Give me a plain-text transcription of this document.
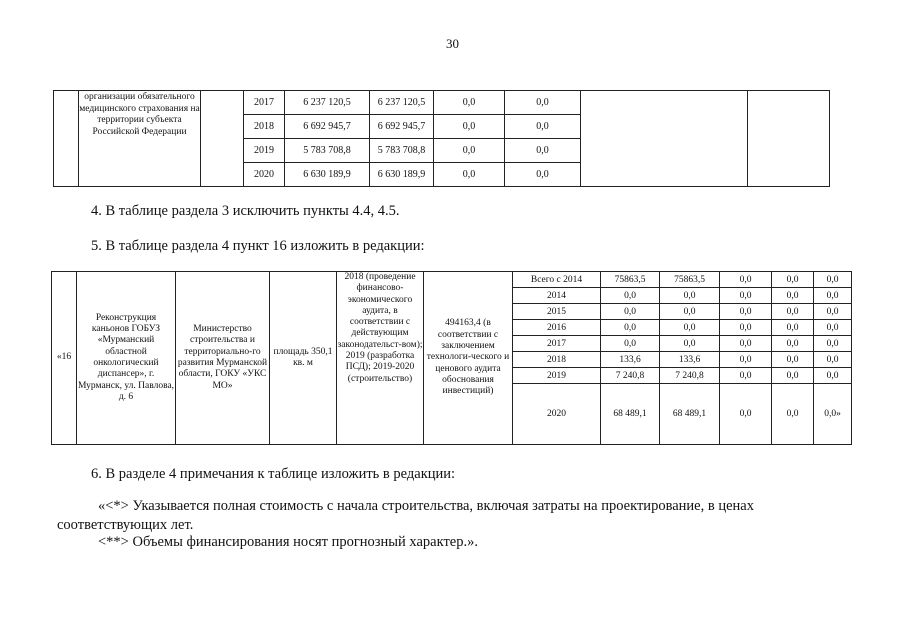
30
	организации обязательного медицинского страхования на территории субъекта Российской Федерации		2017	6 237 120,5	6 237 120,5	0,0	0,0		
			2018	6 692 945,7	6 692 945,7	0,0	0,0		
			2019	5 783 708,8	5 783 708,8	0,0	0,0		
			2020	6 630 189,9	6 630 189,9	0,0	0,0		
4. В таблице раздела 3 исключить пункты 4.4, 4.5.
5. В таблице раздела 4 пункт 16 изложить в редакции:
«16	Реконструкция каньонов ГОБУЗ «Мурманский областной онкологический диспансер», г. Мурманск, ул. Павлова, д. 6	Министерство строительства и территориально-го развития Мурманской области, ГОКУ «УКС МО»	площадь 350,1 кв. м	2018 (проведение финансово-экономического аудита, в соответствии с действующим законодательст-вом); 2019 (разработка ПСД); 2019-2020 (строительство)	494163,4 (в соответствии с заключением технологи-ческого и ценового аудита обоснования инвестиций)	Всего с 2014	75863,5	75863,5	0,0	0,0	0,0
						2014	0,0	0,0	0,0	0,0	0,0
						2015	0,0	0,0	0,0	0,0	0,0
						2016	0,0	0,0	0,0	0,0	0,0
						2017	0,0	0,0	0,0	0,0	0,0
						2018	133,6	133,6	0,0	0,0	0,0
						2019	7 240,8	7 240,8	0,0	0,0	0,0
						2020	68 489,1	68 489,1	0,0	0,0	0,0»
6. В разделе 4 примечания к таблице изложить в редакции:
«<*> Указывается полная стоимость с начала строительства, включая затраты на проектирование, в ценах соответствующих лет.
<**> Объемы финансирования носят прогнозный характер.».
